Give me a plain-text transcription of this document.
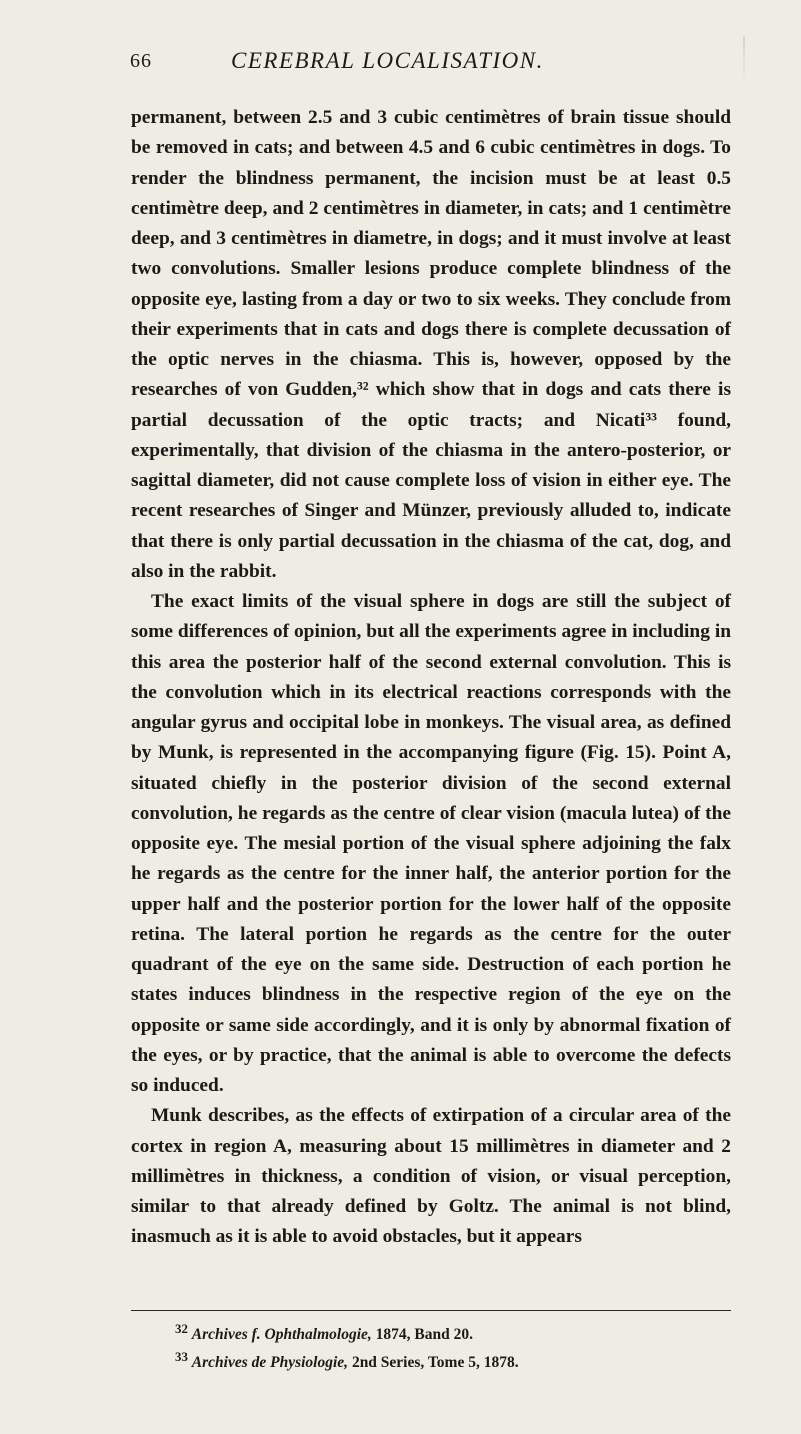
66	CEREBRAL LOCALISATION.

permanent, between 2.5 and 3 cubic centimètres of brain tissue should be removed in cats; and between 4.5 and 6 cubic centimètres in dogs. To render the blindness permanent, the incision must be at least 0.5 centimètre deep, and 2 centimètres in diameter, in cats; and 1 centimètre deep, and 3 centimètres in diametre, in dogs; and it must involve at least two convolutions. Smaller lesions produce complete blindness of the opposite eye, lasting from a day or two to six weeks. They conclude from their experiments that in cats and dogs there is complete decussation of the optic nerves in the chiasma. This is, however, opposed by the researches of von Gudden,³² which show that in dogs and cats there is partial decussation of the optic tracts; and Nicati³³ found, experimentally, that division of the chiasma in the antero-posterior, or sagittal diameter, did not cause complete loss of vision in either eye. The recent researches of Singer and Münzer, previously alluded to, indicate that there is only partial decussation in the chiasma of the cat, dog, and also in the rabbit.

The exact limits of the visual sphere in dogs are still the subject of some differences of opinion, but all the experiments agree in including in this area the posterior half of the second external convolution. This is the convolution which in its electrical reactions corresponds with the angular gyrus and occipital lobe in monkeys. The visual area, as defined by Munk, is represented in the accompanying figure (Fig. 15). Point A, situated chiefly in the posterior division of the second external convolution, he regards as the centre of clear vision (macula lutea) of the opposite eye. The mesial portion of the visual sphere adjoining the falx he regards as the centre for the inner half, the anterior portion for the upper half and the posterior portion for the lower half of the opposite retina. The lateral portion he regards as the centre for the outer quadrant of the eye on the same side. Destruction of each portion he states induces blindness in the respective region of the eye on the opposite or same side accordingly, and it is only by abnormal fixation of the eyes, or by practice, that the animal is able to overcome the defects so induced.

Munk describes, as the effects of extirpation of a circular area of the cortex in region A, measuring about 15 millimètres in diameter and 2 millimètres in thickness, a condition of vision, or visual perception, similar to that already defined by Goltz. The animal is not blind, inasmuch as it is able to avoid obstacles, but it appears

$^{32}$ Archives f. Ophthalmologie, 1874, Band 20.

$^{33}$ Archives de Physiologie, 2nd Series, Tome 5, 1878.
